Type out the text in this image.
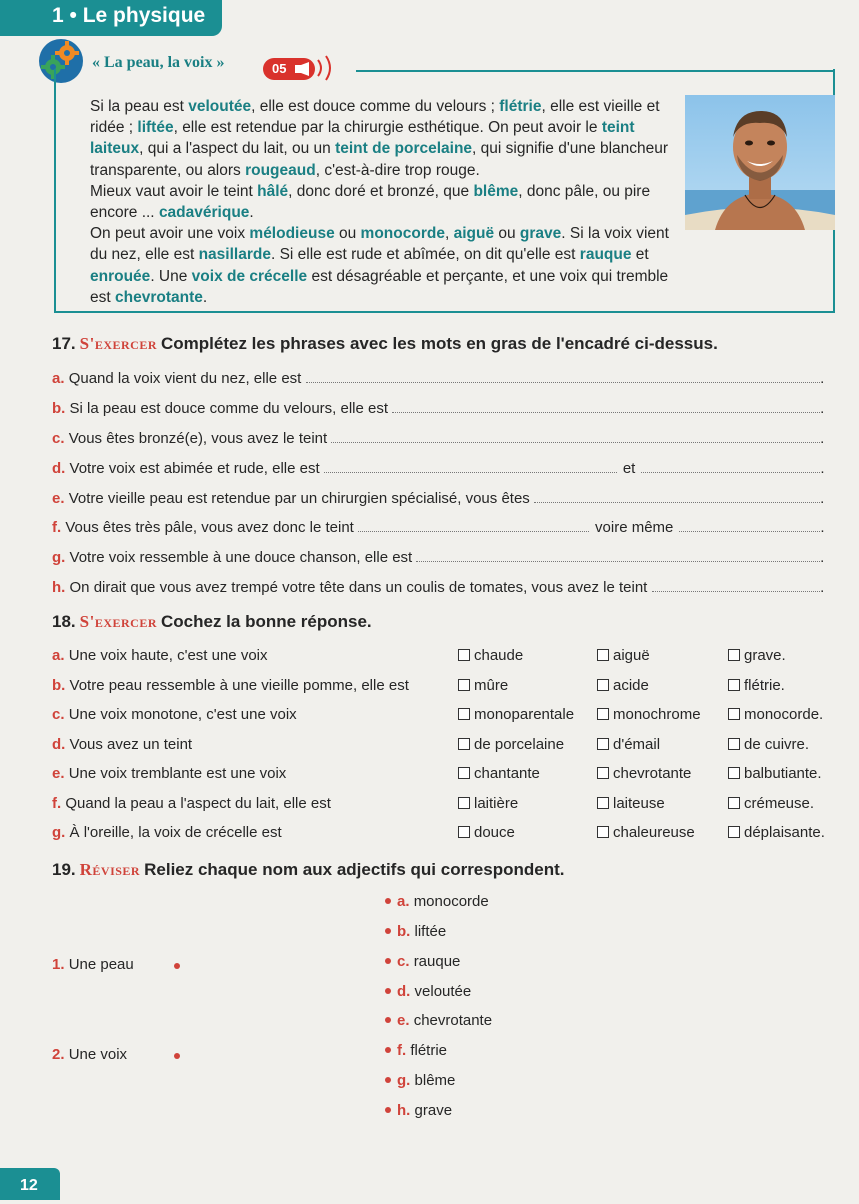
1 • Le physique
« La peau, la voix »	05
Si la peau est veloutée, elle est douce comme du velours ; flétrie, elle est vieille et ridée ; liftée, elle est retendue par la chirurgie esthétique. On peut avoir le teint laiteux, qui a l'aspect du lait, ou un teint de porcelaine, qui signifie d'une blancheur transparente, ou alors rougeaud, c'est-à-dire trop rouge.
Mieux vaut avoir le teint hâlé, donc doré et bronzé, que blême, donc pâle, ou pire encore ... cadavérique.
On peut avoir une voix mélodieuse ou monocorde, aiguë ou grave. Si la voix vient du nez, elle est nasillarde. Si elle est rude et abîmée, on dit qu'elle est rauque et enrouée. Une voix de crécelle est désagréable et perçante, et une voix qui tremble est chevrotante.
17. S'exercer Complétez les phrases avec les mots en gras de l'encadré ci-dessus.
a. Quand la voix vient du nez, elle est	.
b. Si la peau est douce comme du velours, elle est	.
c. Vous êtes bronzé(e), vous avez le teint	.
d. Votre voix est abimée et rude, elle est	et	.
e. Votre vieille peau est retendue par un chirurgien spécialisé, vous êtes	.
f. Vous êtes très pâle, vous avez donc le teint	voire même	.
g. Votre voix ressemble à une douce chanson, elle est	.
h. On dirait que vous avez trempé votre tête dans un coulis de tomates, vous avez le teint	.
18. S'exercer Cochez la bonne réponse.
a. Une voix haute, c'est une voix	chaude	aiguë	grave.
b. Votre peau ressemble à une vieille pomme, elle est	mûre	acide	flétrie.
c. Une voix monotone, c'est une voix	monoparentale	monochrome	monocorde.
d. Vous avez un teint	de porcelaine	d'émail	de cuivre.
e. Une voix tremblante est une voix	chantante	chevrotante	balbutiante.
f. Quand la peau a l'aspect du lait, elle est	laitière	laiteuse	crémeuse.
g. À l'oreille, la voix de crécelle est	douce	chaleureuse	déplaisante.
19. Réviser Reliez chaque nom aux adjectifs qui correspondent.
a. monocorde
b. liftée
c. rauque
d. veloutée
e. chevrotante
f. flétrie
g. blême
h. grave
1. Une peau
2. Une voix
12
